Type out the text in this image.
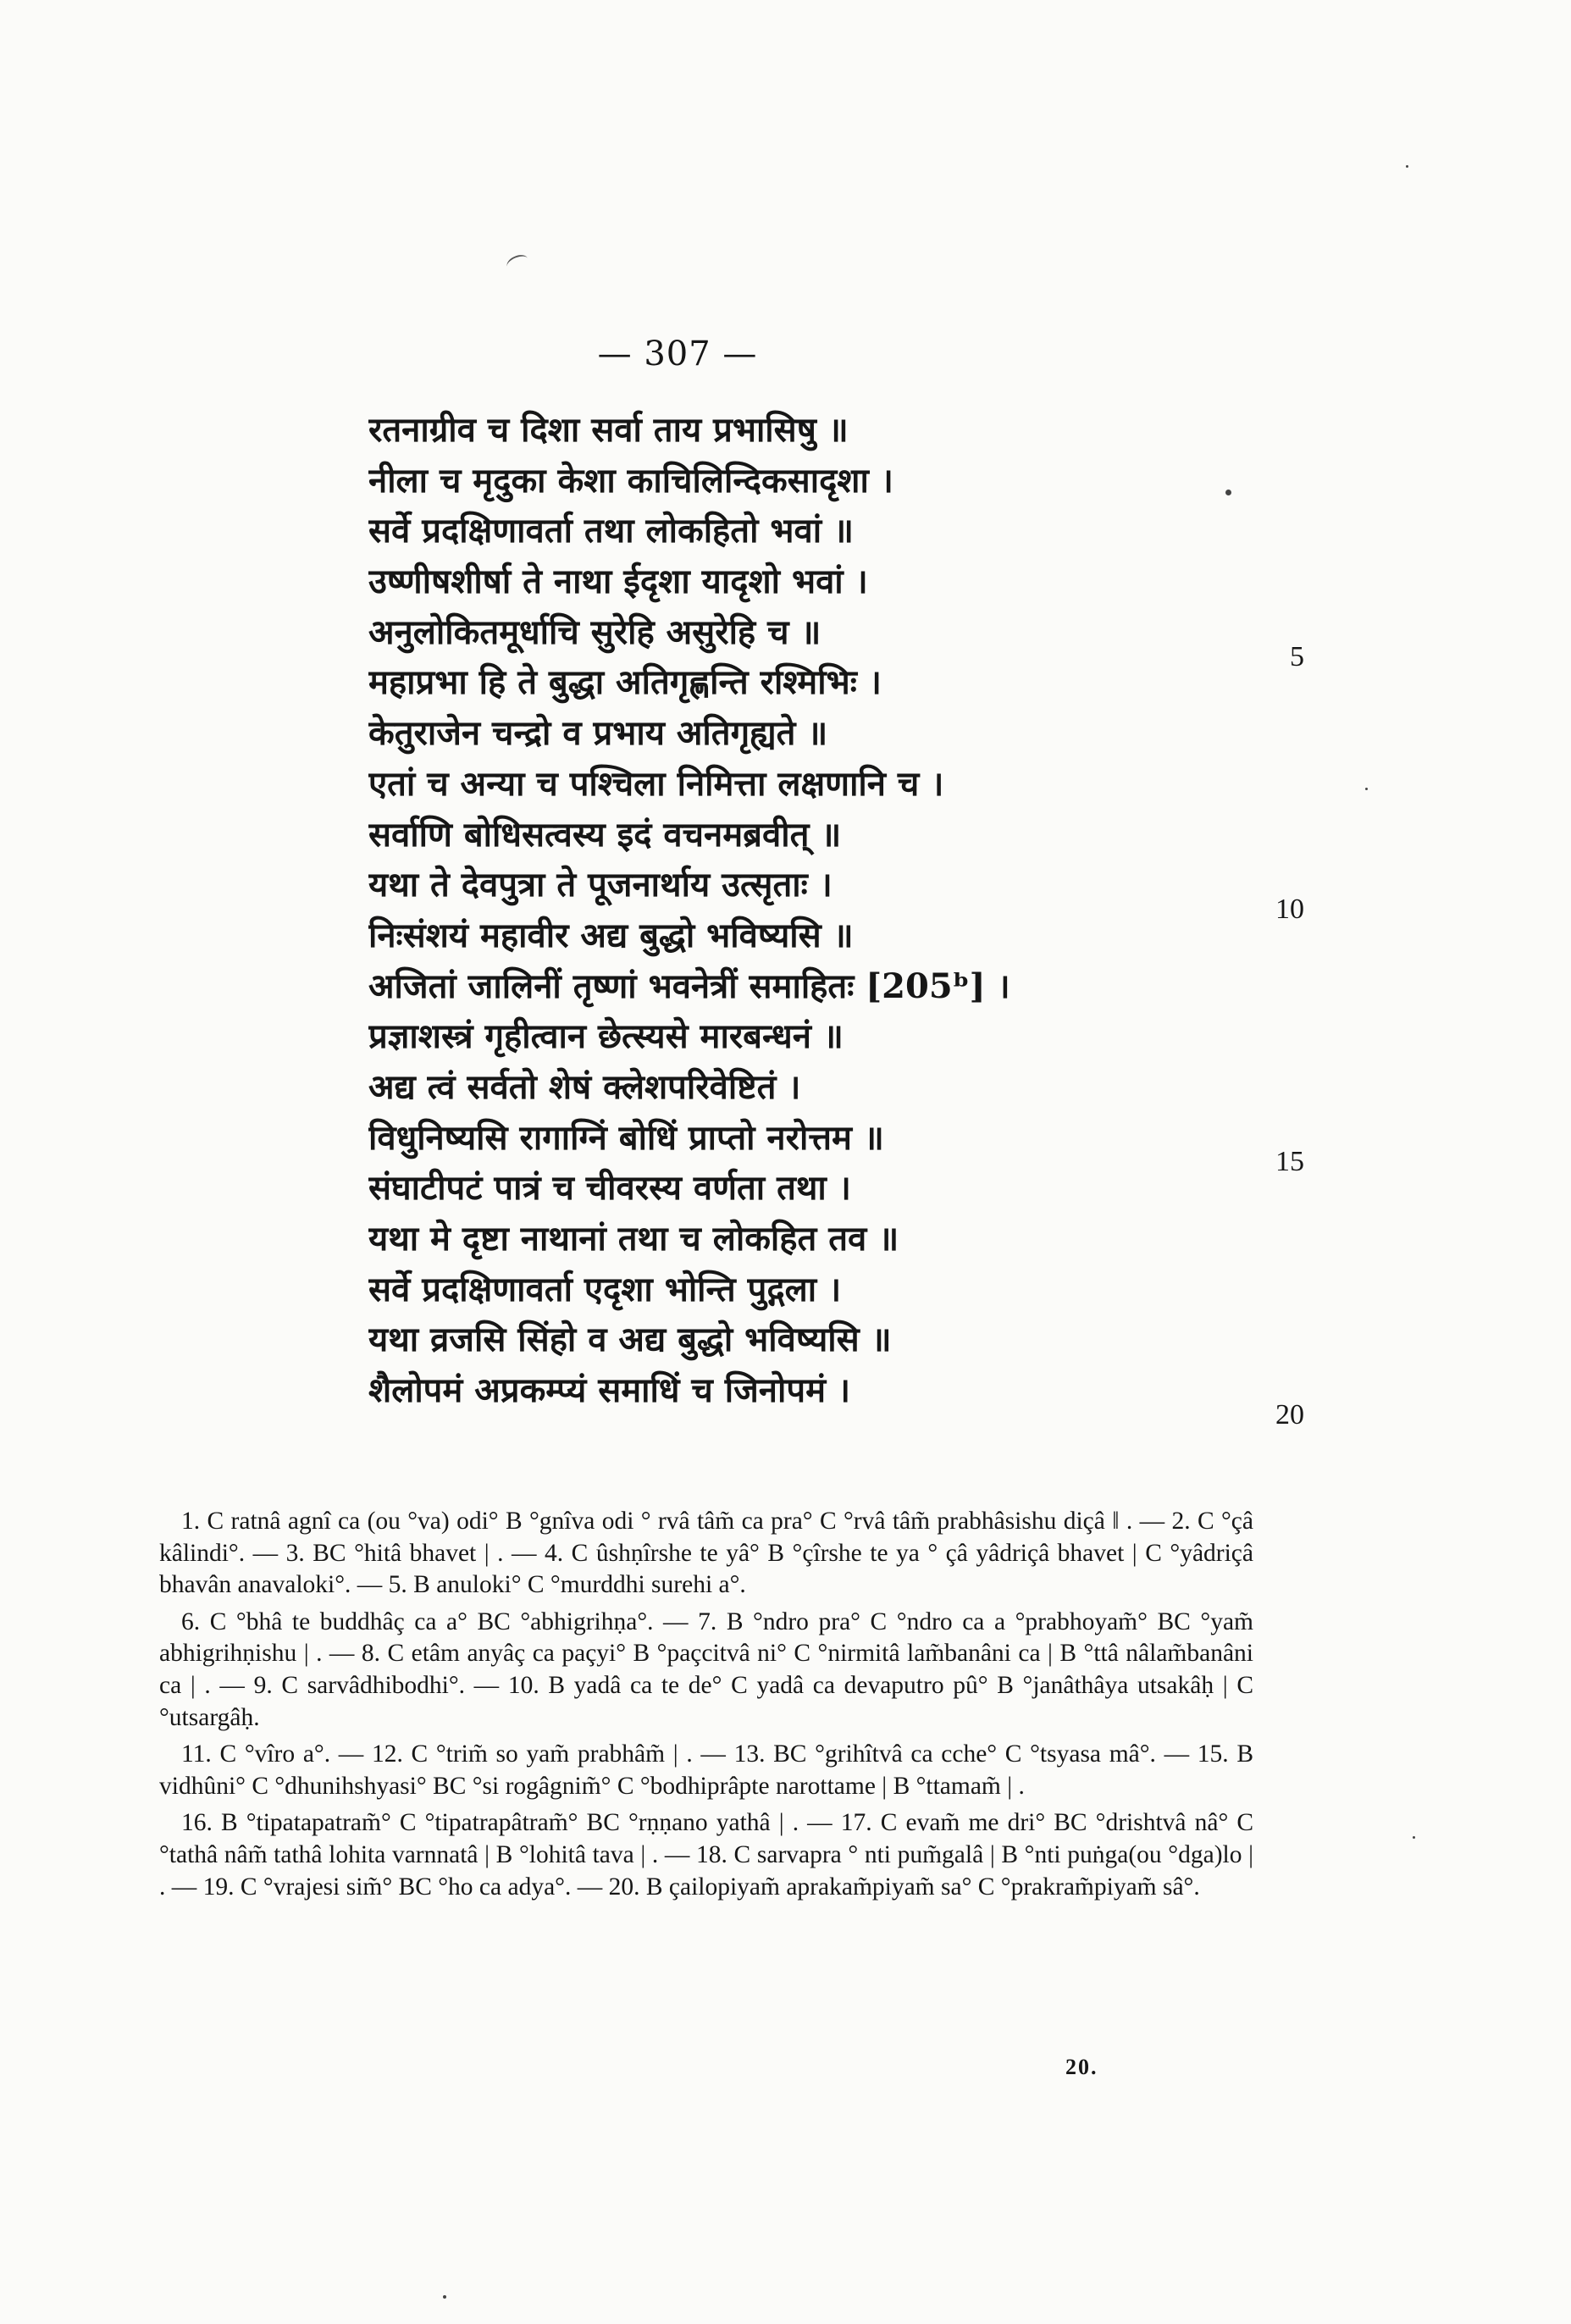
— 307 —
रतनाग्रीव च दिशा सर्वा ताय प्रभासिषु ॥
नीला च मृदुका केशा काचिलिन्दिकसादृशा ।
सर्वे प्रदक्षिणावर्ता तथा लोकहितो भवां ॥
उष्णीषशीर्षा ते नाथा ईदृशा यादृशो भवां ।
अनुलोकितमूर्धाचि सुरेहि असुरेहि च ॥
महाप्रभा हि ते बुद्धा अतिगृह्णन्ति रश्मिभिः ।
केतुराजेन चन्द्रो व प्रभाय अतिगृह्यते ॥
एतां च अन्या च पश्चिला निमित्ता लक्षणानि च ।
सर्वाणि बोधिसत्वस्य इदं वचनमब्रवीत् ॥
यथा ते देवपुत्रा ते पूजनार्थाय उत्सृताः ।
निःसंशयं महावीर अद्य बुद्धो भविष्यसि ॥
अजितां जालिनीं तृष्णां भवनेत्रीं समाहितः [205ᵇ] ।
प्रज्ञाशस्त्रं गृहीत्वान छेत्स्यसे मारबन्धनं ॥
अद्य त्वं सर्वतो शेषं क्लेशपरिवेष्टितं ।
विधुनिष्यसि रागाग्निं बोधिं प्राप्तो नरोत्तम ॥
संघाटीपटं पात्रं च चीवरस्य वर्णता तथा ।
यथा मे दृष्टा नाथानां तथा च लोकहित तव ॥
सर्वे प्रदक्षिणावर्ता एदृशा भोन्ति पुद्गला ।
यथा व्रजसि सिंहो व अद्य बुद्धो भविष्यसि ॥
शैलोपमं अप्रकम्प्यं समाधिं च जिनोपमं ।
5
10
15
20

1. C ratnâ agnî ca (ou °va) odi° B °gnîva odi ° rvâ tâm̃ ca pra° C °rvâ tâm̃ prabhâsishu diçâ ‖ . — 2. C °çâ kâlindi°. — 3. BC °hitâ bhavet | . — 4. C ûshṇîrshe te yâ° B °çîrshe te ya ° çâ yâdriçâ bhavet | C °yâdriçâ bhavân anavaloki°. — 5. B anuloki° C °murddhi surehi a°.

6. C °bhâ te buddhâç ca a° BC °abhigrihṇa°. — 7. B °ndro pra° C °ndro ca a °prabhoyam̃° BC °yam̃ abhigrihṇishu | . — 8. C etâm anyâç ca paçyi° B °paçcitvâ ni° C °nirmitâ lam̃banâni ca | B °ttâ nâlam̃banâni ca | . — 9. C sarvâdhibodhi°. — 10. B yadâ ca te de° C yadâ ca devaputro pû° B °janâthâya utsakâḥ | C °utsargâḥ.

11. C °vîro a°. — 12. C °trim̃ so yam̃ prabhâm̃ | . — 13. BC °grihîtvâ ca cche° C °tsyasa mâ°. — 15. B vidhûni° C °dhunihshyasi° BC °si rogâgnim̃° C °bodhiprâpte narottame | B °ttamam̃ | .

16. B °tipatapatram̃° C °tipatrapâtram̃° BC °rṇṇano yathâ | . — 17. C evam̃ me dri° BC °drishtvâ nâ° C °tathâ nâm̃ tathâ lohita varnnatâ | B °lohitâ tava | . — 18. C sarvapra ° nti pum̃galâ | B °nti puṅga(ou °dga)lo | . — 19. C °vrajesi sim̃° BC °ho ca adya°. — 20. B çailopiyam̃ aprakam̃piyam̃ sa° C °prakram̃piyam̃ sâ°.

20.
